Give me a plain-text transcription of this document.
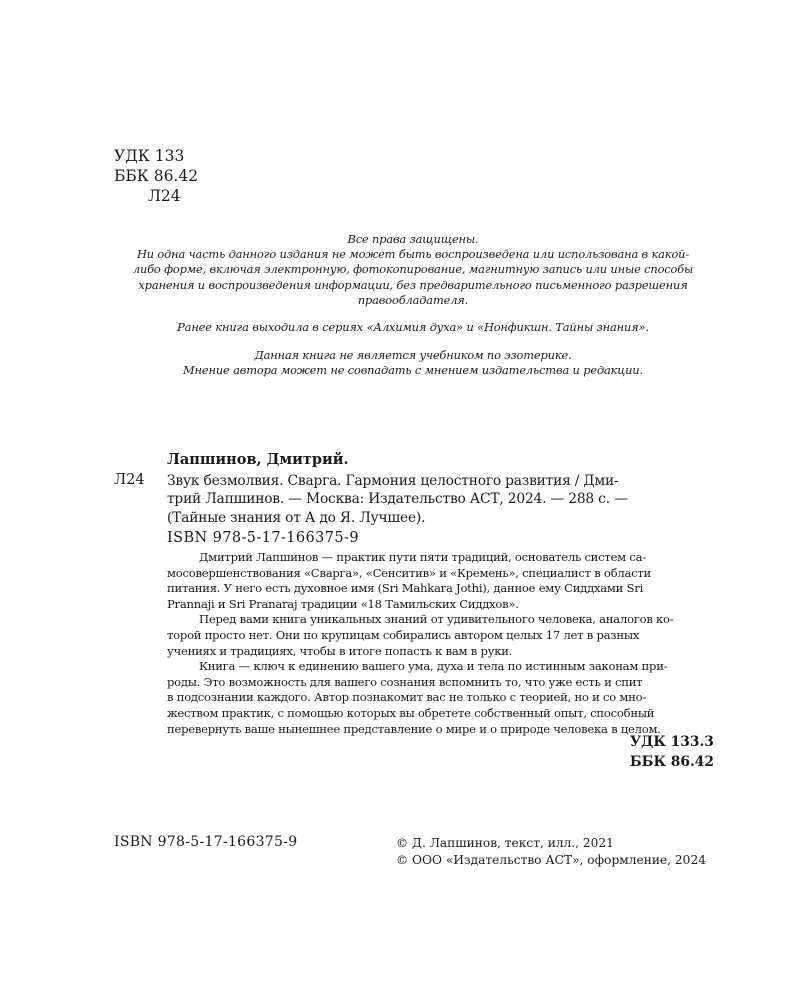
УДК 133
ББК 86.42
Л24
Все права защищены.
Ни одна часть данного издания не может быть воспроизведена или использована в какой-
либо форме, включая электронную, фотокопирование, магнитную запись или иные способы
хранения и воспроизведения информации, без предварительного письменного разрешения
правообладателя.
Ранее книга выходила в сериях «Алхимия духа» и «Нонфикшн. Тайны знания».
Данная книга не является учебником по эзотерике.
Мнение автора может не совпадать с мнением издательства и редакции.
Лапшинов, Дмитрий.
Л24 Звук безмолвия. Сварга. Гармония целостного развития / Дми-
трий Лапшинов. — Москва: Издательство АСТ, 2024. — 288 с. —
(Тайные знания от А до Я. Лучшее).
ISBN 978-5-17-166375-9
Дмитрий Лапшинов — практик пути пяти традиций, основатель систем са-
мосовершенствования «Сварга», «Сенситив» и «Кремень», специалист в области
питания. У него есть духовное имя (Sri Mahkara Jothi), данное ему Сиддхами Sri
Prannaji и Sri Pranaraj традиции «18 Тамильских Сиддхов».
Перед вами книга уникальных знаний от удивительного человека, аналогов ко-
торой просто нет. Они по крупицам собирались автором целых 17 лет в разных
учениях и традициях, чтобы в итоге попасть к вам в руки.
Книга — ключ к единению вашего ума, духа и тела по истинным законам при-
роды. Это возможность для вашего сознания вспомнить то, что уже есть и спит
в подсознании каждого. Автор познакомит вас не только с теорией, но и со мно-
жеством практик, с помощью которых вы обретете собственный опыт, способный
перевернуть ваше нынешнее представление о мире и о природе человека в целом.
УДК 133.3
ББК 86.42
ISBN 978-5-17-166375-9	© Д. Лапшинов, текст, илл., 2021
© ООО «Издательство АСТ», оформление, 2024
